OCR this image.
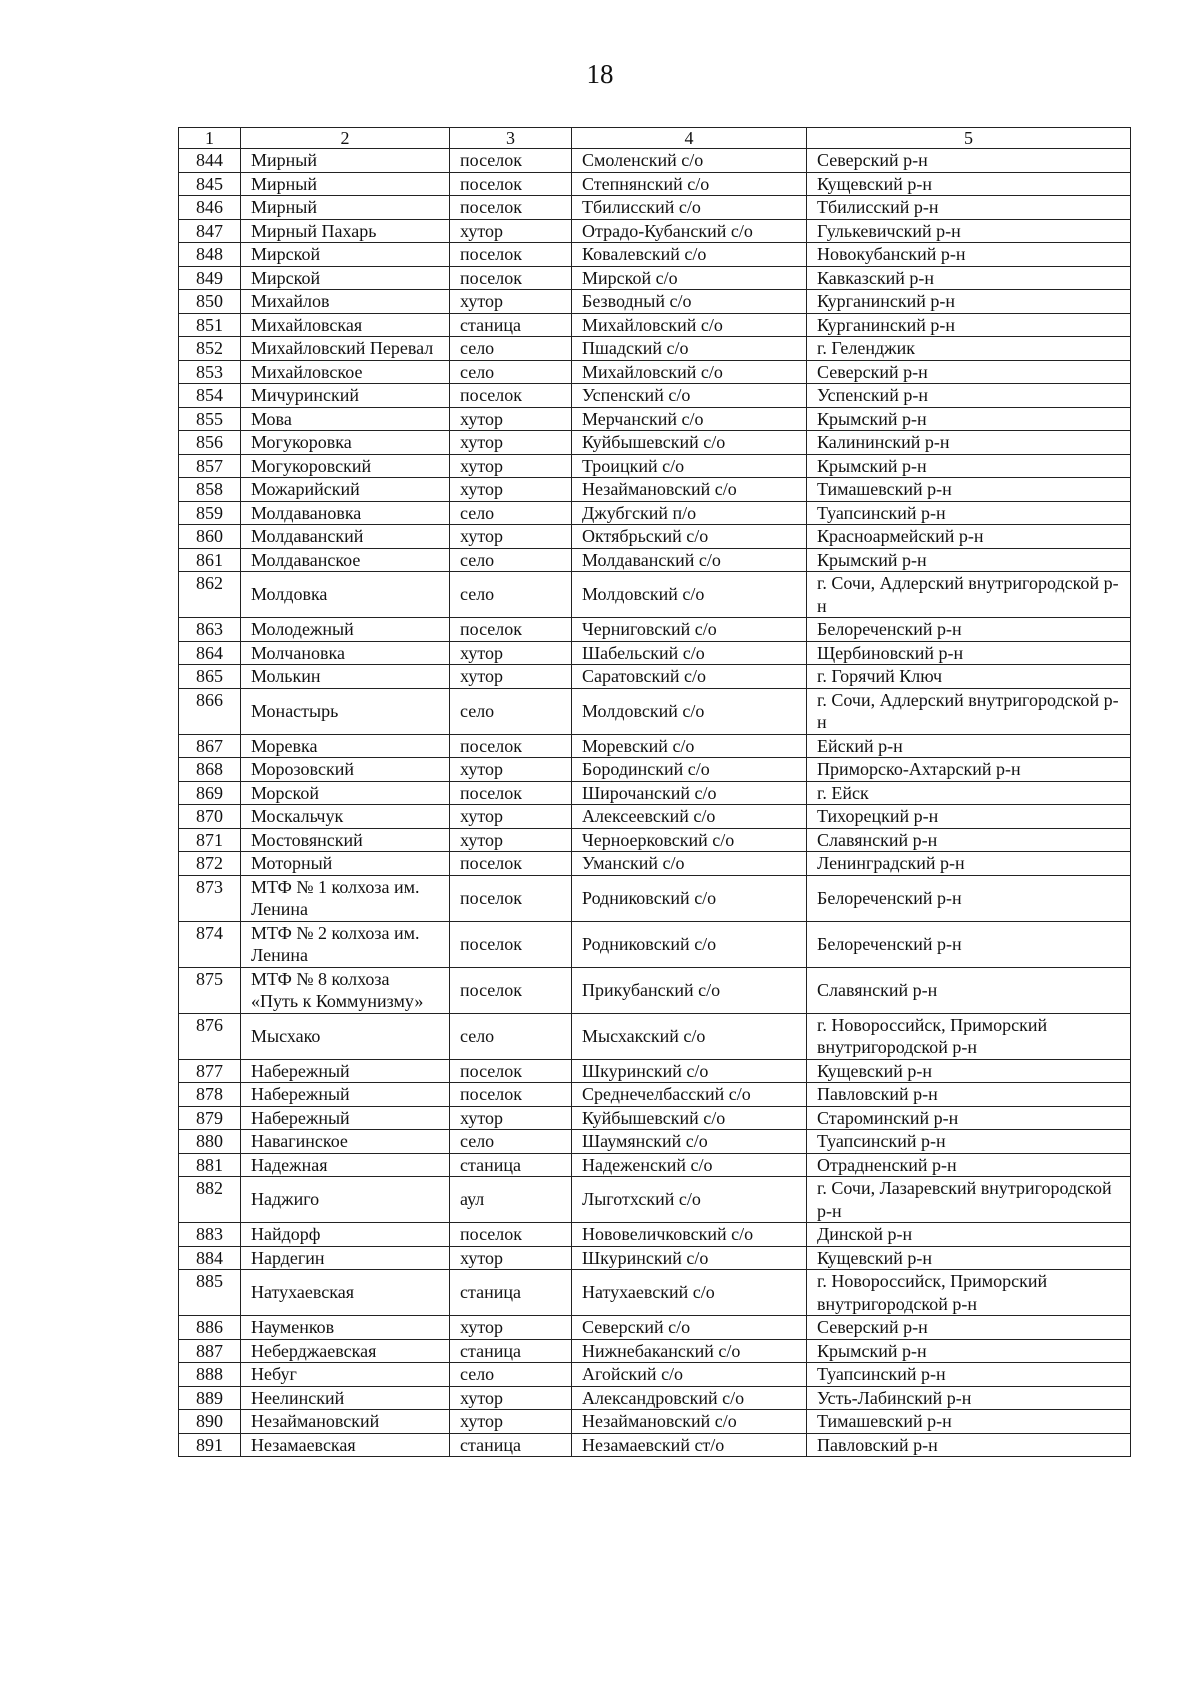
18
1	2	3	4	5
844	Мирный	поселок	Смоленский с/о	Северский р-н
845	Мирный	поселок	Степнянский с/о	Кущевский р-н
846	Мирный	поселок	Тбилисский с/о	Тбилисский р-н
847	Мирный Пахарь	хутор	Отрадо-Кубанский с/о	Гулькевичский р-н
848	Мирской	поселок	Ковалевский с/о	Новокубанский р-н
849	Мирской	поселок	Мирской с/о	Кавказский р-н
850	Михайлов	хутор	Безводный с/о	Курганинский р-н
851	Михайловская	станица	Михайловский с/о	Курганинский р-н
852	Михайловский Перевал	село	Пшадский с/о	г. Геленджик
853	Михайловское	село	Михайловский с/о	Северский р-н
854	Мичуринский	поселок	Успенский с/о	Успенский р-н
855	Мова	хутор	Мерчанский с/о	Крымский р-н
856	Могукоровка	хутор	Куйбышевский с/о	Калининский р-н
857	Могукоровский	хутор	Троицкий с/о	Крымский р-н
858	Можарийский	хутор	Незаймановский с/о	Тимашевский р-н
859	Молдавановка	село	Джубгский п/о	Туапсинский р-н
860	Молдаванский	хутор	Октябрьский с/о	Красноармейский р-н
861	Молдаванское	село	Молдаванский с/о	Крымский р-н
862	Молдовка	село	Молдовский с/о	г. Сочи, Адлерский внутригородской р-н
863	Молодежный	поселок	Черниговский с/о	Белореченский р-н
864	Молчановка	хутор	Шабельский с/о	Щербиновский р-н
865	Молькин	хутор	Саратовский с/о	г. Горячий Ключ
866	Монастырь	село	Молдовский с/о	г. Сочи, Адлерский внутригородской р-н
867	Моревка	поселок	Моревский с/о	Ейский р-н
868	Морозовский	хутор	Бородинский с/о	Приморско-Ахтарский р-н
869	Морской	поселок	Широчанский с/о	г. Ейск
870	Москальчук	хутор	Алексеевский с/о	Тихорецкий р-н
871	Мостовянский	хутор	Черноерковский с/о	Славянский р-н
872	Моторный	поселок	Уманский с/о	Ленинградский р-н
873	МТФ № 1 колхоза им. Ленина	поселок	Родниковский с/о	Белореченский р-н
874	МТФ № 2 колхоза им. Ленина	поселок	Родниковский с/о	Белореченский р-н
875	МТФ № 8 колхоза «Путь к Коммунизму»	поселок	Прикубанский с/о	Славянский р-н
876	Мысхако	село	Мысхакский с/о	г. Новороссийск, Приморский внутригородской р-н
877	Набережный	поселок	Шкуринский с/о	Кущевский р-н
878	Набережный	поселок	Среднечелбасский с/о	Павловский р-н
879	Набережный	хутор	Куйбышевский с/о	Староминский р-н
880	Навагинское	село	Шаумянский с/о	Туапсинский р-н
881	Надежная	станица	Надеженский с/о	Отрадненский р-н
882	Наджиго	аул	Лыготхский с/о	г. Сочи, Лазаревский внутригородской р-н
883	Найдорф	поселок	Нововеличковский с/о	Динской р-н
884	Нардегин	хутор	Шкуринский с/о	Кущевский р-н
885	Натухаевская	станица	Натухаевский с/о	г. Новороссийск, Приморский внутригородской р-н
886	Науменков	хутор	Северский с/о	Северский р-н
887	Неберджаевская	станица	Нижнебаканский с/о	Крымский р-н
888	Небуг	село	Агойский с/о	Туапсинский р-н
889	Неелинский	хутор	Александровский с/о	Усть-Лабинский р-н
890	Незаймановский	хутор	Незаймановский с/о	Тимашевский р-н
891	Незамаевская	станица	Незамаевский ст/о	Павловский р-н
